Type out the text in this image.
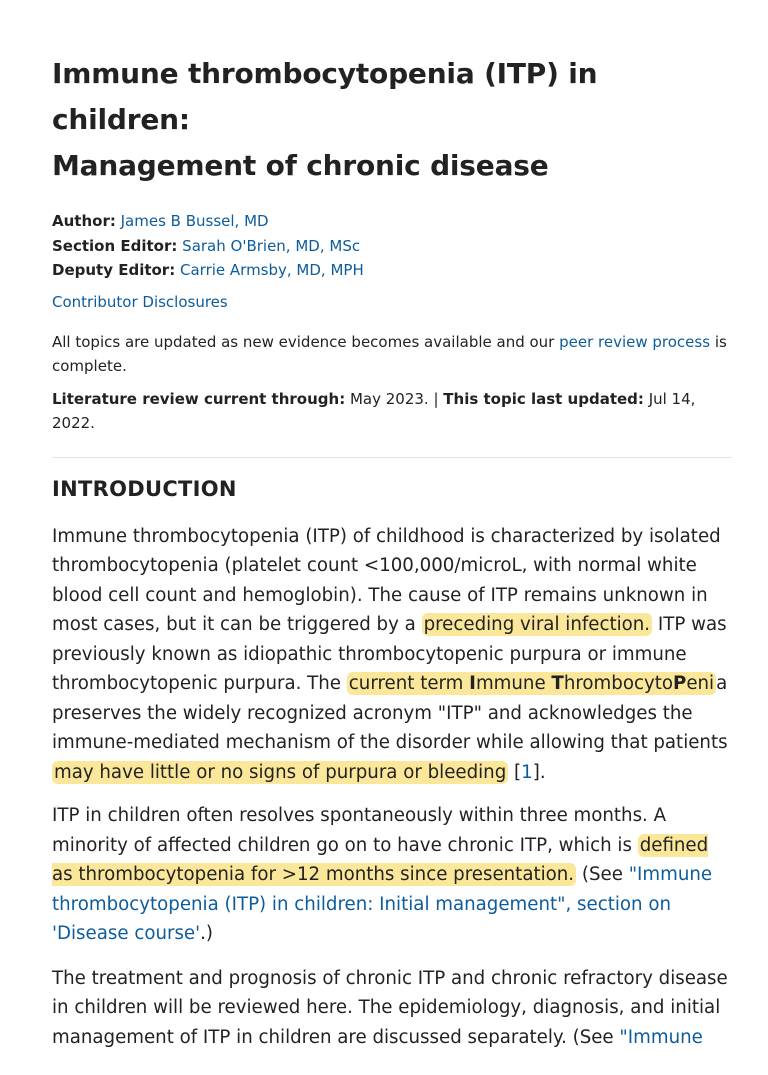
Immune thrombocytopenia (ITP) in children:
Management of chronic disease
Author: James B Bussel, MD
Section Editor: Sarah O'Brien, MD, MSc
Deputy Editor: Carrie Armsby, MD, MPH
Contributor Disclosures
All topics are updated as new evidence becomes available and our peer review process is complete.
Literature review current through: May 2023. | This topic last updated: Jul 14, 2022.
INTRODUCTION

Immune thrombocytopenia (ITP) of childhood is characterized by isolated thrombocytopenia (platelet count <100,000/microL, with normal white blood cell count and hemoglobin). The cause of ITP remains unknown in most cases, but it can be triggered by a preceding viral infection. ITP was previously known as idiopathic thrombocytopenic purpura or immune thrombocytopenic purpura. The current term Immune ThrombocytoPeni a preserves the widely recognized acronym "ITP" and acknowledges the immune-mediated mechanism of the disorder while allowing that patients may have little or no signs of purpura or bleeding [1].

ITP in children often resolves spontaneously within three months. A minority of affected children go on to have chronic ITP, which is defined as thrombocytopenia for >12 months since presentation. (See "Immune thrombocytopenia (ITP) in children: Initial management", section on 'Disease course'.)

The treatment and prognosis of chronic ITP and chronic refractory disease in children will be reviewed here. The epidemiology, diagnosis, and initial management of ITP in children are discussed separately. (See "Immune
